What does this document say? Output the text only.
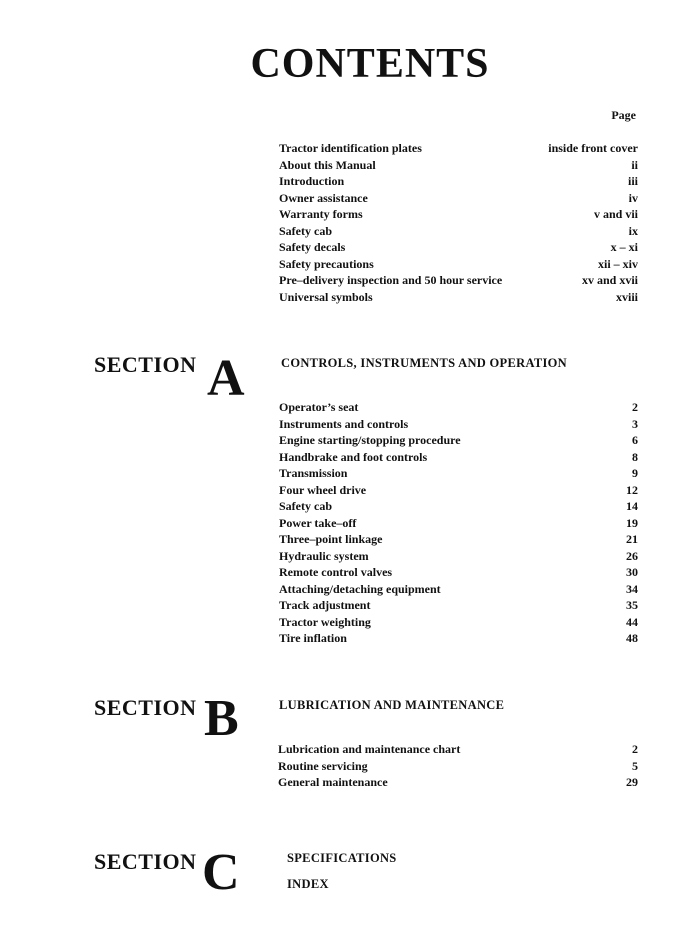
CONTENTS
Page
Tractor identification plates	inside front cover
About this Manual	ii
Introduction	iii
Owner assistance	iv
Warranty forms	v and vii
Safety cab	ix
Safety decals	x – xi
Safety precautions	xii – xiv
Pre–delivery inspection and 50 hour service	xv and xvii
Universal symbols	xviii
SECTION A	CONTROLS, INSTRUMENTS AND OPERATION
Operator’s seat	2
Instruments and controls	3
Engine starting/stopping procedure	6
Handbrake and foot controls	8
Transmission	9
Four wheel drive	12
Safety cab	14
Power take–off	19
Three–point linkage	21
Hydraulic system	26
Remote control valves	30
Attaching/detaching equipment	34
Track adjustment	35
Tractor weighting	44
Tire inflation	48
SECTION B	LUBRICATION AND MAINTENANCE
Lubrication and maintenance chart	2
Routine servicing	5
General maintenance	29
SECTION C	SPECIFICATIONS
INDEX
